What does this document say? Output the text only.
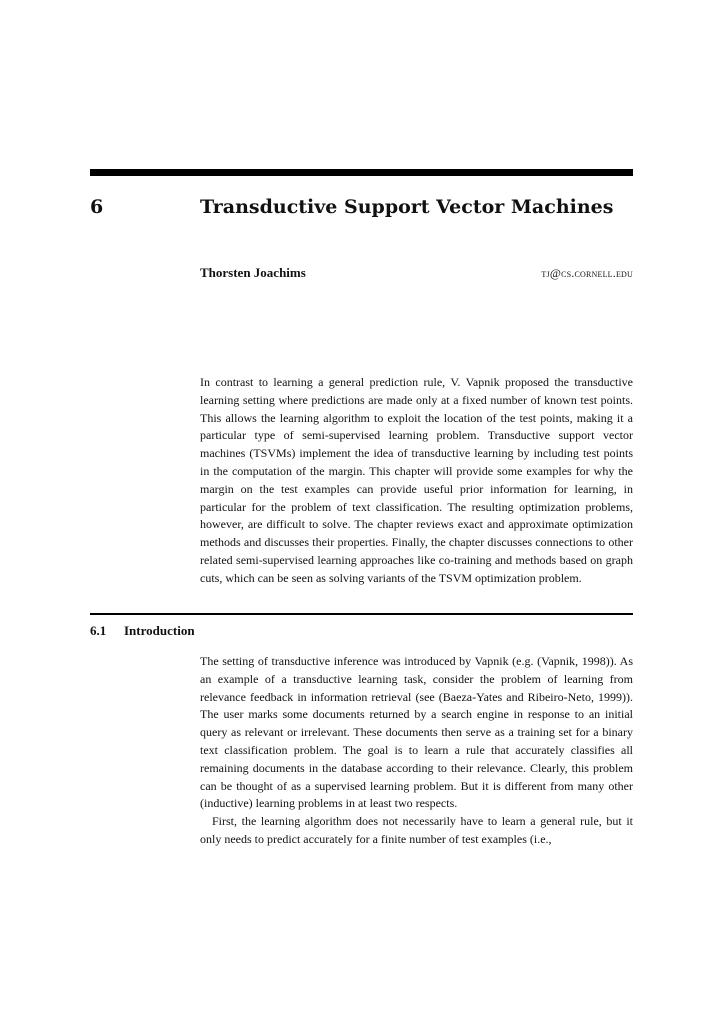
6	Transductive Support Vector Machines
Thorsten Joachims	tj@cs.cornell.edu

In contrast to learning a general prediction rule, V. Vapnik proposed the transductive learning setting where predictions are made only at a fixed number of known test points. This allows the learning algorithm to exploit the location of the test points, making it a particular type of semi-supervised learning problem. Transductive support vector machines (TSVMs) implement the idea of transductive learning by including test points in the computation of the margin. This chapter will provide some examples for why the margin on the test examples can provide useful prior information for learning, in particular for the problem of text classification. The resulting optimization problems, however, are difficult to solve. The chapter reviews exact and approximate optimization methods and discusses their properties. Finally, the chapter discusses connections to other related semi-supervised learning approaches like co-training and methods based on graph cuts, which can be seen as solving variants of the TSVM optimization problem.

6.1 Introduction

The setting of transductive inference was introduced by Vapnik (e.g. (Vapnik, 1998)). As an example of a transductive learning task, consider the problem of learning from relevance feedback in information retrieval (see (Baeza-Yates and Ribeiro-Neto, 1999)). The user marks some documents returned by a search engine in response to an initial query as relevant or irrelevant. These documents then serve as a training set for a binary text classification problem. The goal is to learn a rule that accurately classifies all remaining documents in the database according to their relevance. Clearly, this problem can be thought of as a supervised learning problem. But it is different from many other (inductive) learning problems in at least two respects.

First, the learning algorithm does not necessarily have to learn a general rule, but it only needs to predict accurately for a finite number of test examples (i.e.,
